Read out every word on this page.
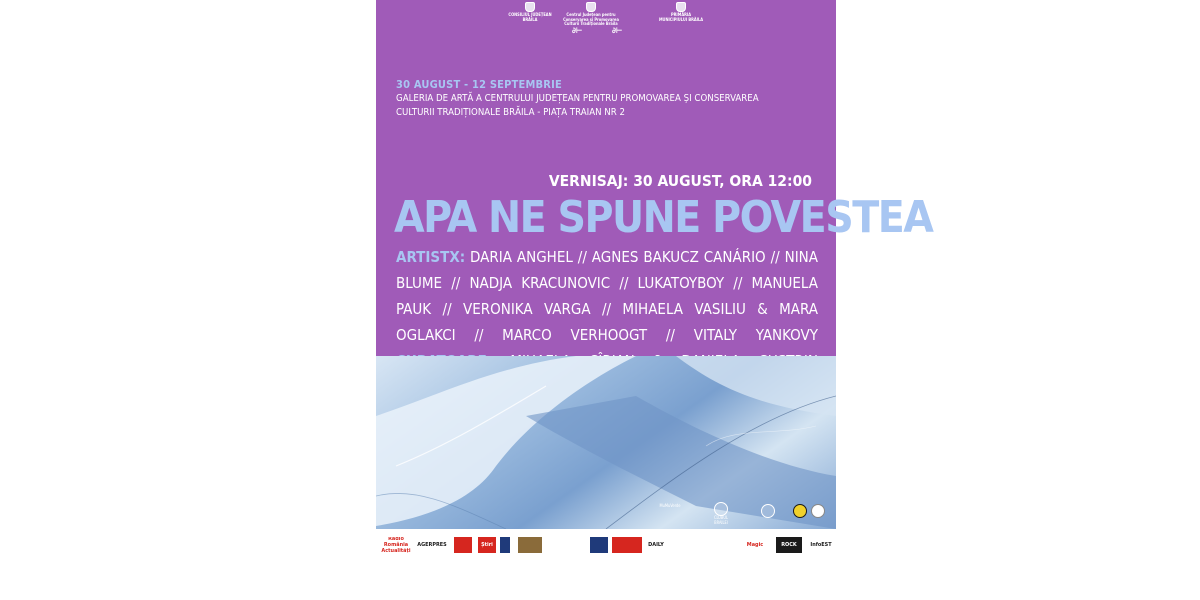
CONSILIUL JUDEȚEAN BRĂILA
Centrul Județean pentru Conservarea și Promovarea Culturii Tradiționale Brăila
PRIMĂRIA MUNICIPIULUI BRĂILA
∂⊢	∂⊢
30 AUGUST - 12 SEPTEMBRIE
GALERIA DE ARTĂ A CENTRULUI JUDEȚEAN PENTRU PROMOVAREA ȘI CONSERVAREA
CULTURII TRADIȚIONALE BRĂILA - PIAȚA TRAIAN NR 2
VERNISAJ: 30 AUGUST, ORA 12:00
APA NE SPUNE POVESTEA
ARTISTX: DARIA ANGHEL // AGNES BAKUCZ CANÁRIO // NINA BLUME // NADJA KRACUNOVIC // LUKATOYBOY // MANUELA PAUK // VERONIKA VARGA // MIHAELA VASILIU & MARA OGLAKCI // MARCO VERHOOGT // VITALY YANKOVY
MuMuVerde
CLUBUL BRAILEI
Radio România Actualități
AGERPRES	Știri	DAILY	Magic	ROCK	InfoEST
